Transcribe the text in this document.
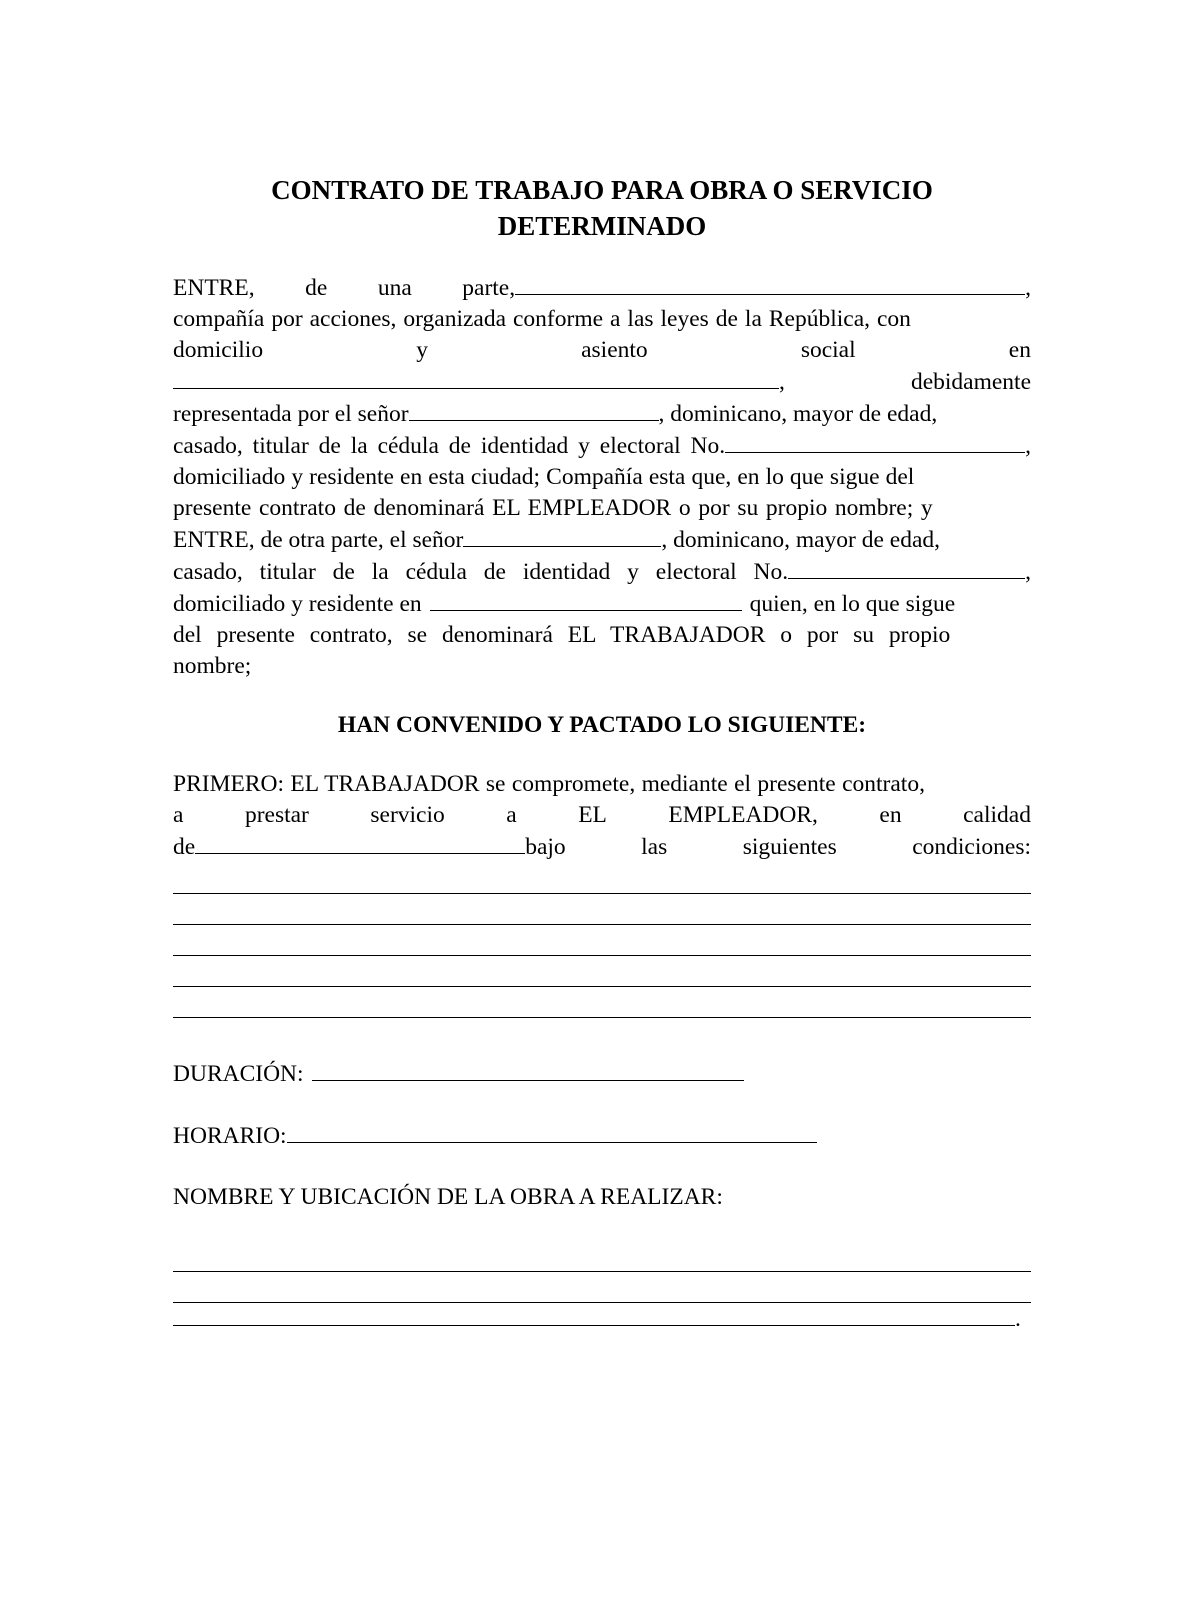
CONTRATO DE TRABAJO PARA OBRA O SERVICIO
DETERMINADO
ENTRE, de una parte,	,
compañía por acciones, organizada conforme a las leyes de la República, con
domicilio	y	asiento	social	en
,	debidamente
representada por el señor	, dominicano, mayor de edad,
casado, titular de la cédula de identidad y electoral No.	,
domiciliado y residente en esta ciudad; Compañía esta que, en lo que sigue del
presente contrato de denominará EL EMPLEADOR o por su propio nombre; y
ENTRE, de otra parte, el señor	, dominicano, mayor de edad,
casado, titular de la cédula de identidad y electoral No.	,
domiciliado y residente en	quien, en lo que sigue
del presente contrato, se denominará EL TRABAJADOR o por su propio
nombre;
HAN CONVENIDO Y PACTADO LO SIGUIENTE:
PRIMERO: EL TRABAJADOR se compromete, mediante el presente contrato,
a	prestar	servicio	a	EL	EMPLEADOR,	en	calidad
de	bajo	las	siguientes	condiciones:
DURACIÓN:
HORARIO:
NOMBRE Y UBICACIÓN DE LA OBRA A REALIZAR:
.
